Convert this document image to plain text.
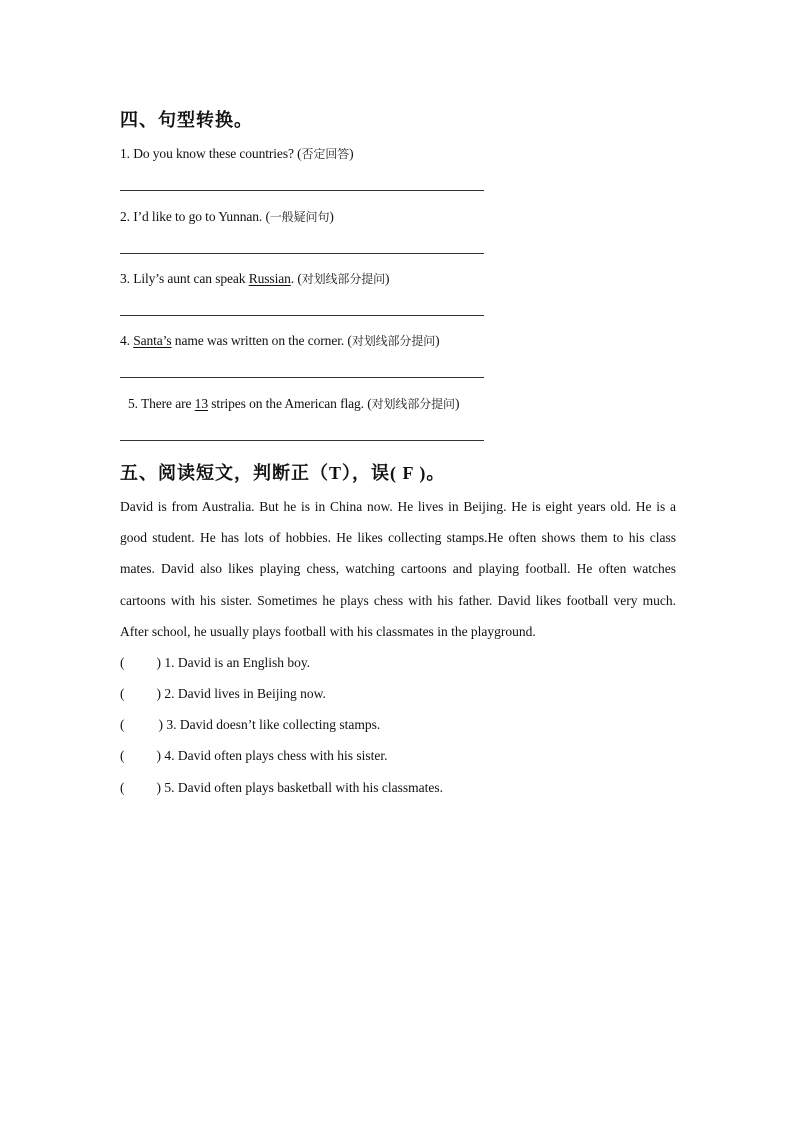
四、句型转换。
1. Do you know these countries? (否定回答)
2. I’d like to go to Yunnan. (一般疑问句)
3. Lily’s aunt can speak Russian. (对划线部分提问)
4. Santa’s name was written on the corner. (对划线部分提问)
5. There are 13 stripes on the American flag. (对划线部分提问)
五、阅读短文，判断正（T），误( F )。
David is from Australia. But he is in China now. He lives in Beijing. He is eight years old. He is a
good student. He has lots of hobbies. He likes collecting stamps.He often shows them to his class
mates. David also likes playing chess, watching cartoons and playing football. He often watches
cartoons with his sister. Sometimes he plays chess with his father. David likes football very much.
After school, he usually plays football with his classmates in the playground.
( ) 1. David is an English boy.
( ) 2. David lives in Beijing now.
(	) 3. David doesn’t like collecting stamps.
( ) 4. David often plays chess with his sister.
( ) 5. David often plays basketball with his classmates.
